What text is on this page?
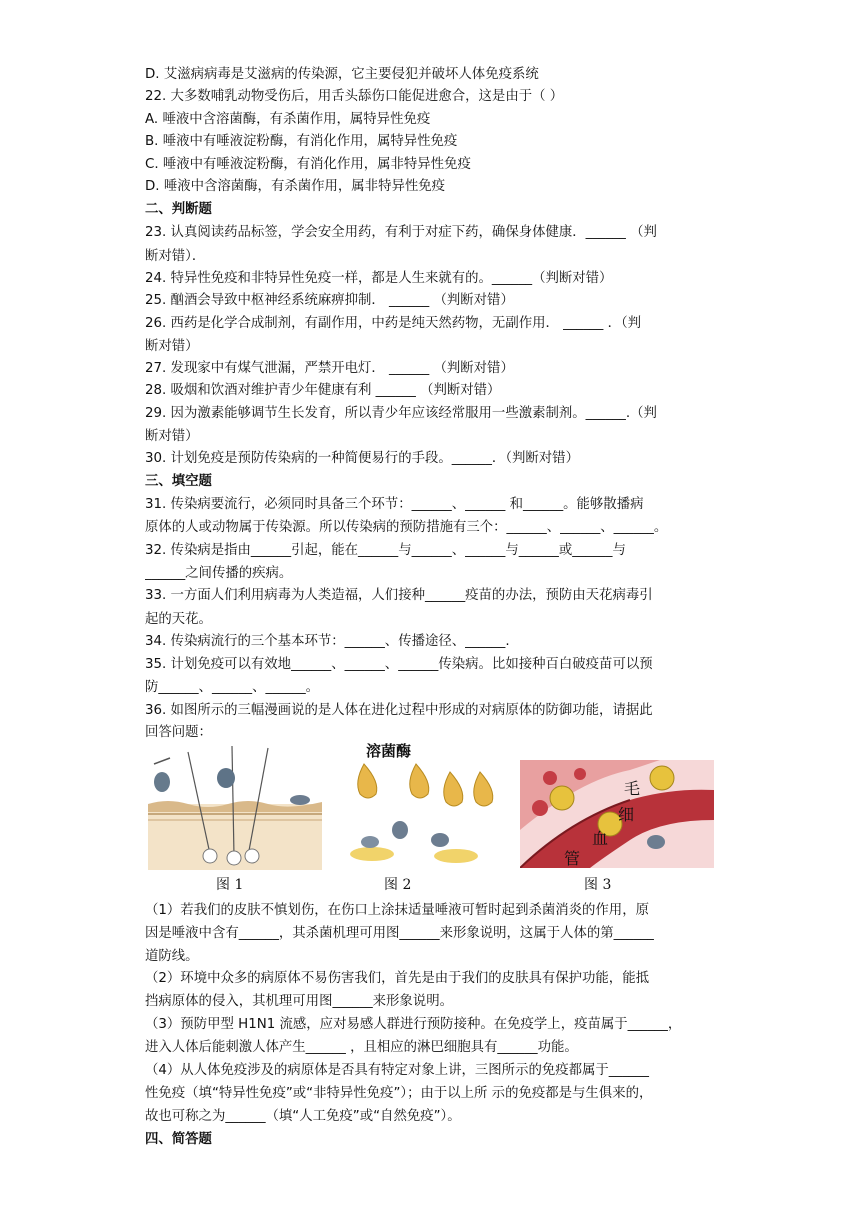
D. 艾滋病病毒是艾滋病的传染源，它主要侵犯并破坏人体免疫系统
22. 大多数哺乳动物受伤后，用舌头舔伤口能促进愈合，这是由于（ ）
A. 唾液中含溶菌酶，有杀菌作用，属特异性免疫
B. 唾液中有唾液淀粉酶，有消化作用，属特异性免疫
C. 唾液中有唾液淀粉酶，有消化作用，属非特异性免疫
D. 唾液中含溶菌酶，有杀菌作用，属非特异性免疫
二、判断题
23. 认真阅读药品标签，学会安全用药，有利于对症下药，确保身体健康．______ （判
断对错）．
24. 特异性免疫和非特异性免疫一样，都是人生来就有的。______（判断对错）
25. 酗酒会导致中枢神经系统麻痹抑制． ______ （判断对错）
26. 西药是化学合成制剂，有副作用，中药是纯天然药物，无副作用． ______ ．（判
断对错）
27. 发现家中有煤气泄漏，严禁开电灯． ______ （判断对错）
28. 吸烟和饮酒对维护青少年健康有利 ______ （判断对错）
29. 因为激素能够调节生长发育，所以青少年应该经常服用一些激素制剂。______.（判
断对错）
30. 计划免疫是预防传染病的一种简便易行的手段。______．（判断对错）
三、填空题
31. 传染病要流行，必须同时具备三个环节：______、______ 和______。能够散播病
原体的人或动物属于传染源。所以传染病的预防措施有三个：______、______、______。
32. 传染病是指由______引起，能在______与______、______与______或______与
______之间传播的疾病。
33. 一方面人们利用病毒为人类造福，人们接种______疫苗的办法，预防由天花病毒引
起的天花。
34. 传染病流行的三个基本环节：______、传播途径、______.
35. 计划免疫可以有效地______、______、______传染病。比如接种百白破疫苗可以预
防______、______、______。
36. 如图所示的三幅漫画说的是人体在进化过程中形成的对病原体的防御功能，请据此
回答问题：
（1）若我们的皮肤不慎划伤，在伤口上涂抹适量唾液可暂时起到杀菌消炎的作用，原
因是唾液中含有______，其杀菌机理可用图______来形象说明，这属于人体的第______
道防线。
（2）环境中众多的病原体不易伤害我们，首先是由于我们的皮肤具有保护功能，能抵
挡病原体的侵入，其机理可用图______来形象说明。
（3）预防甲型 H1N1 流感，应对易感人群进行预防接种。在免疫学上，疫苗属于______，
进入人体后能刺激人体产生______ ，且相应的淋巴细胞具有______功能。
（4）从人体免疫涉及的病原体是否具有特定对象上讲，三图所示的免疫都属于______
性免疫（填“特异性免疫”或“非特异性免疫”）；由于以上所 示的免疫都是与生俱来的，
故也可称之为______（填“人工免疫”或“自然免疫”）。
四、简答题
溶菌酶
毛
细
血
管
图 1	图 2	图 3
